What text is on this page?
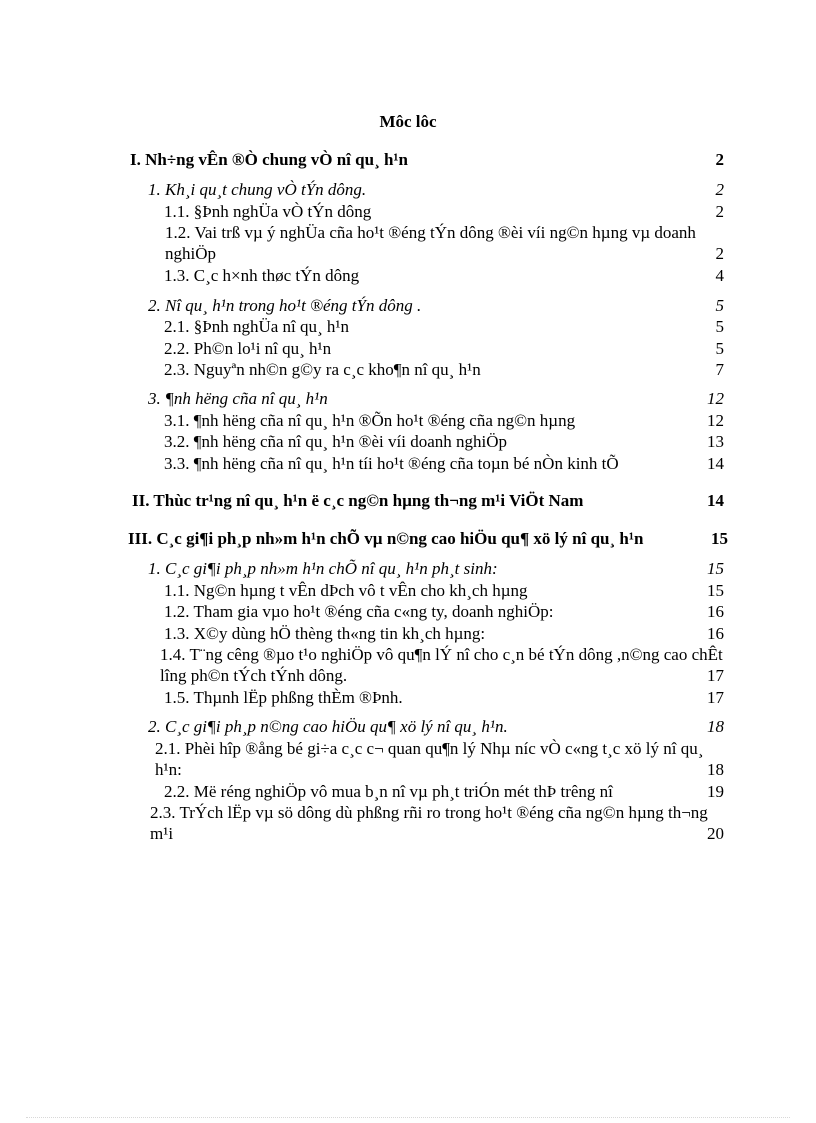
Môc lôc
I. Nh÷ng vÊn ®Ò chung vÒ nî qu¸ h¹n	2
1. Kh¸i qu¸t chung vÒ tÝn dông.	2
1.1. §Þnh nghÜa vÒ tÝn dông	2
1.2. Vai trß vµ ý nghÜa cña ho¹t ®éng tÝn dông ®èi víi ng©n hµng vµ doanh nghiÖp	2
1.3. C¸c h×nh thøc tÝn dông	4
2. Nî qu¸ h¹n trong ho¹t ®éng tÝn dông .	5
2.1. §Þnh nghÜa nî qu¸ h¹n	5
2.2. Ph©n lo¹i nî qu¸ h¹n	5
2.3. Nguyªn nh©n g©y ra c¸c kho¶n nî qu¸ h¹n	7
3. ¶nh hëng cña nî qu¸ h¹n	12
3.1. ¶nh hëng cña nî qu¸ h¹n ®Õn ho¹t ®éng cña ng©n hµng	12
3.2. ¶nh hëng cña nî qu¸ h¹n ®èi víi doanh nghiÖp	13
3.3. ¶nh hëng cña nî qu¸ h¹n tíi ho¹t ®éng cña toµn bé nÒn kinh tÕ	14
II. Thùc tr¹ng nî qu¸ h¹n ë c¸c ng©n hµng th¬ng m¹i ViÖt Nam	14
III. C¸c gi¶i ph¸p nh»m h¹n chÕ vµ n©ng cao hiÖu qu¶ xö lý nî qu¸ h¹n	15
1. C¸c gi¶i ph¸p nh»m h¹n chÕ nî qu¸ h¹n ph¸t sinh:	15
1.1. Ng©n hµng t vÊn dÞch vô t vÊn cho kh¸ch hµng	15
1.2. Tham gia vµo ho¹t ®éng cña c«ng ty, doanh nghiÖp:	16
1.3. X©y dùng hÖ thèng th«ng tin kh¸ch hµng:	16
1.4. T¨ng cêng ®µo t¹o nghiÖp vô qu¶n lÝ nî cho c¸n bé tÝn dông ,n©ng cao chÊt lîng ph©n tÝch tÝnh dông.	17
1.5. Thµnh lËp phßng thÈm ®Þnh.	17
2. C¸c gi¶i ph¸p n©ng cao hiÖu qu¶ xö lý nî qu¸ h¹n.	18
2.1. Phèi hîp ®ång bé gi÷a c¸c c¬ quan qu¶n lý Nhµ níc vÒ c«ng t¸c xö lý nî qu¸ h¹n:	18
2.2. Më réng nghiÖp vô mua b¸n nî vµ ph¸t triÓn mét thÞ trêng nî	19
2.3. TrÝch lËp vµ sö dông dù phßng rñi ro trong ho¹t ®éng cña ng©n hµng th¬ng m¹i	20
